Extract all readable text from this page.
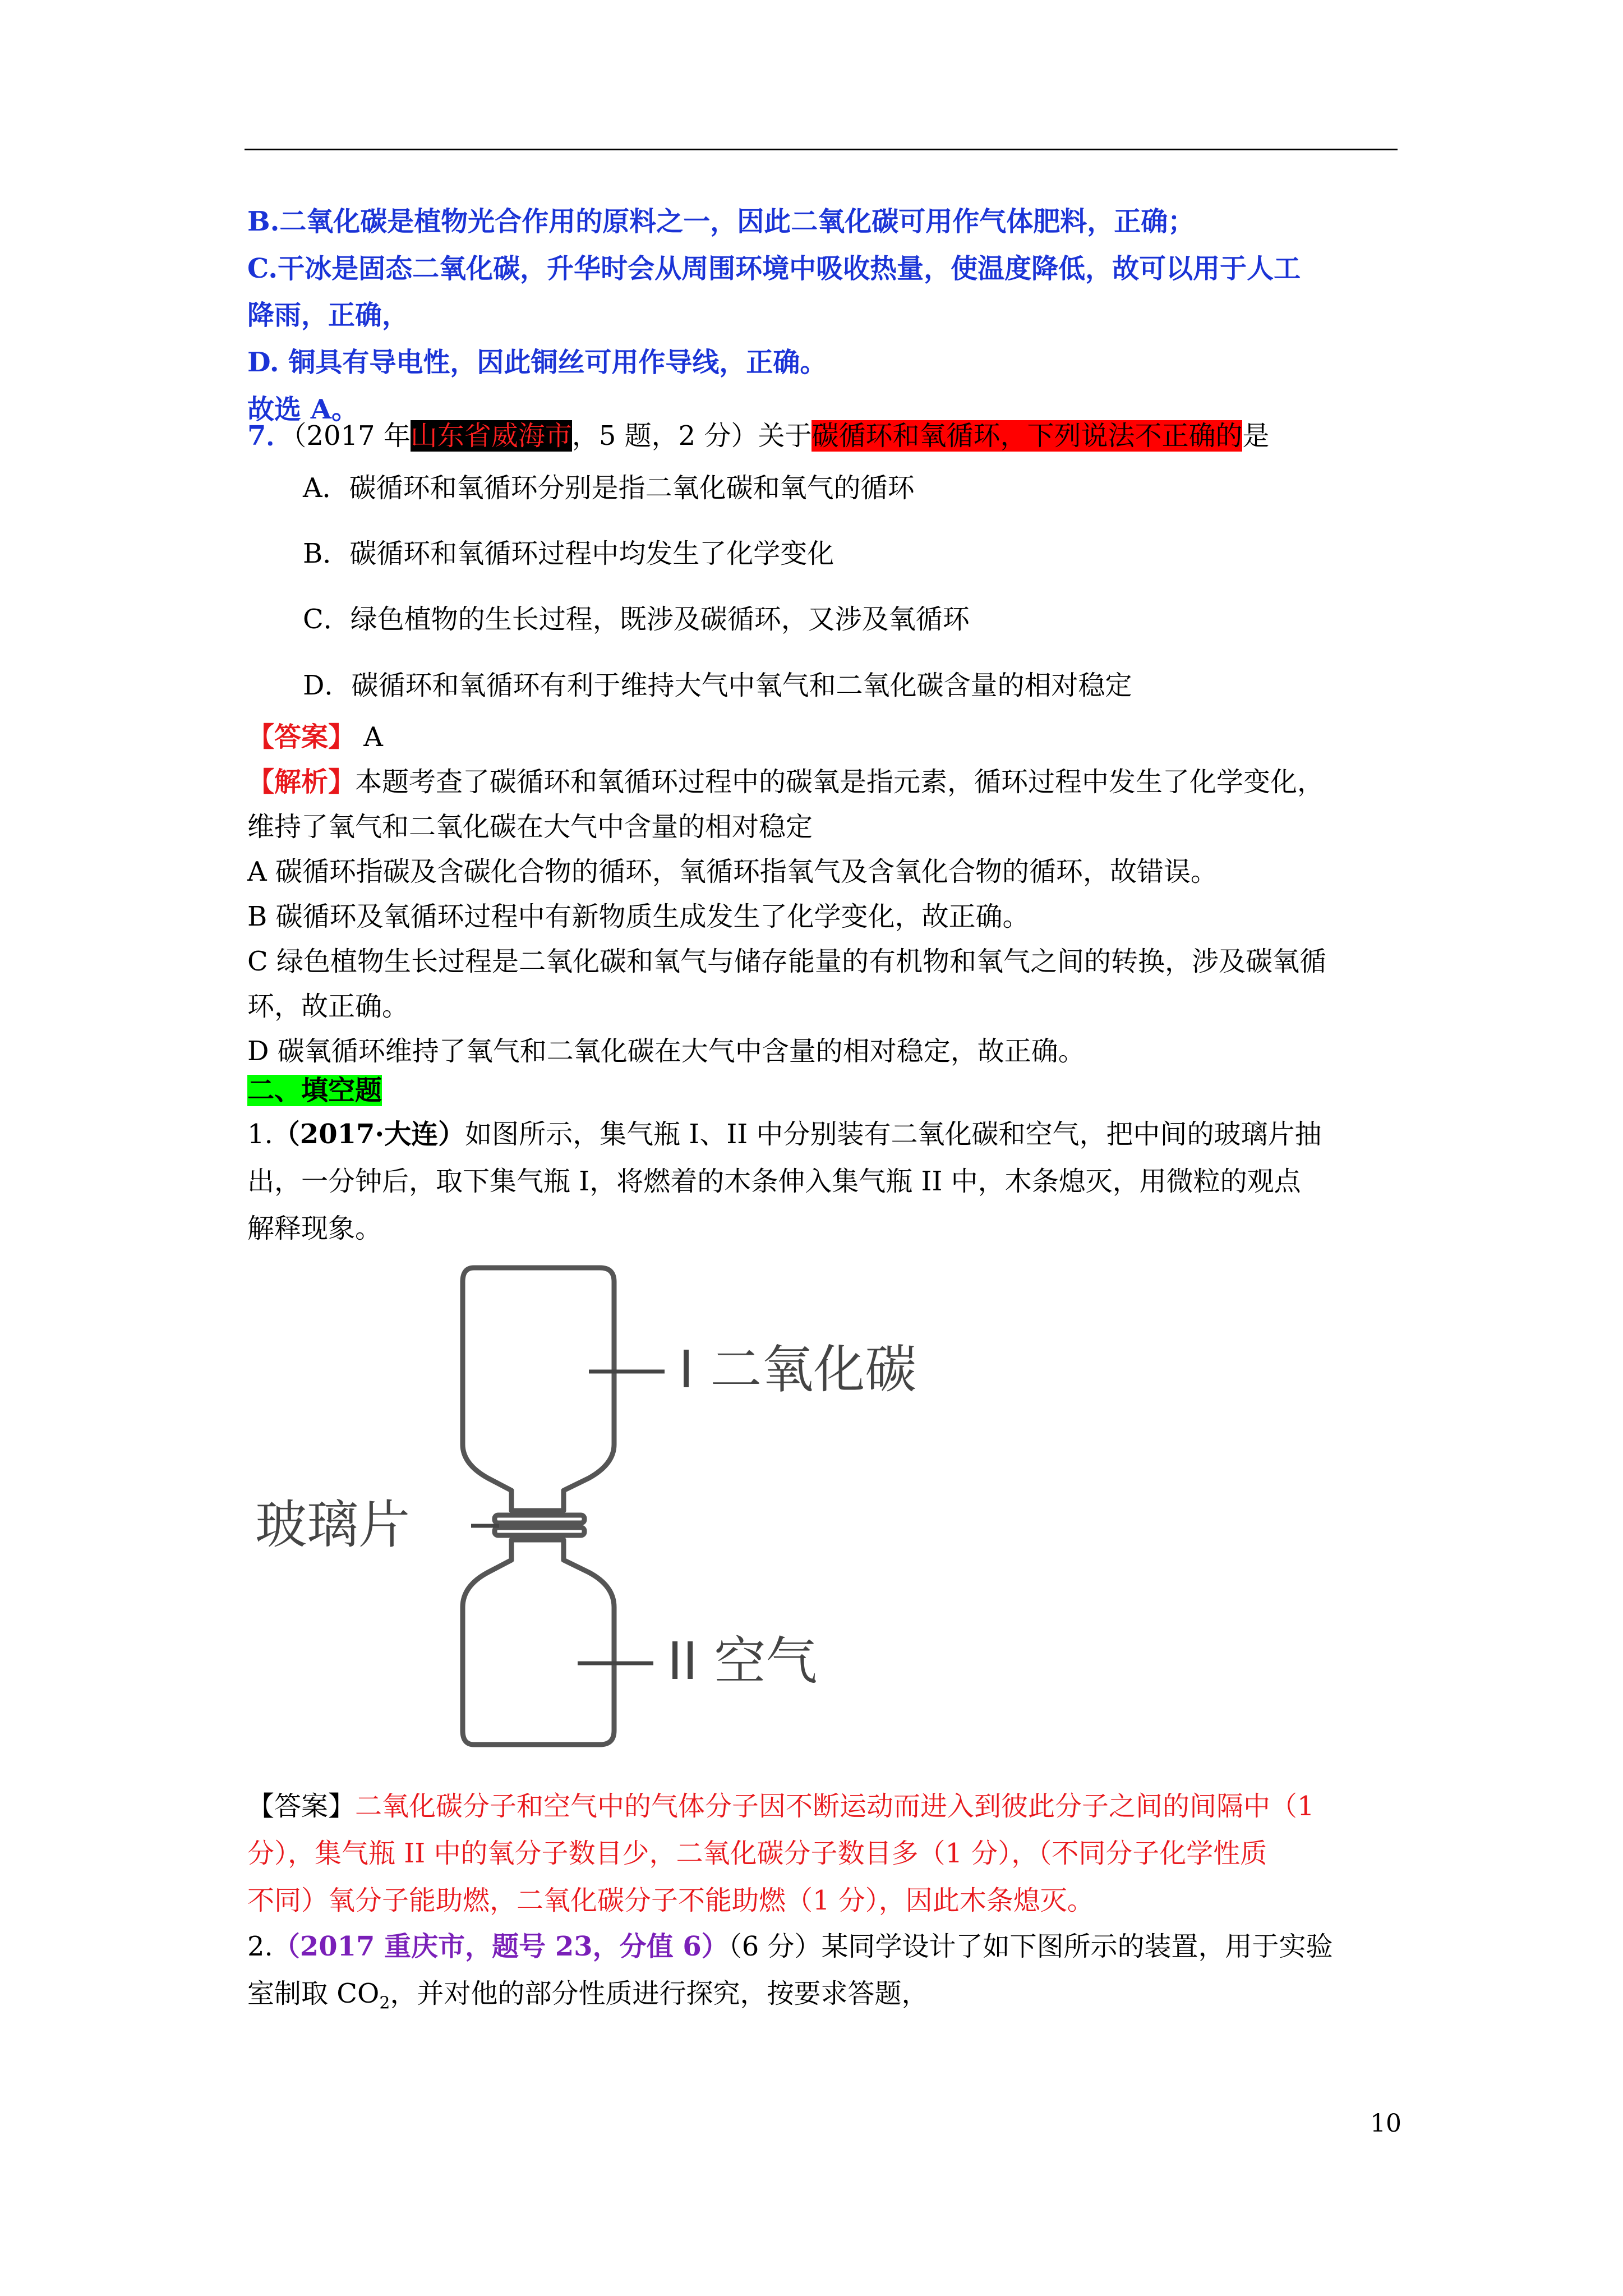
B.二氧化碳是植物光合作用的原料之一，因此二氧化碳可用作气体肥料，正确；
C.干冰是固态二氧化碳，升华时会从周围环境中吸收热量，使温度降低，故可以用于人工
降雨，正确，
D. 铜具有导电性，因此铜丝可用作导线，正确。
故选 A。
7．（2017 年山东省威海市，5 题，2 分）关于碳循环和氧循环，下列说法不正确的是
A．碳循环和氧循环分别是指二氧化碳和氧气的循环
B．碳循环和氧循环过程中均发生了化学变化
C．绿色植物的生长过程，既涉及碳循环，又涉及氧循环
D．碳循环和氧循环有利于维持大气中氧气和二氧化碳含量的相对稳定
【答案】 A
【解析】本题考查了碳循环和氧循环过程中的碳氧是指元素，循环过程中发生了化学变化，
维持了氧气和二氧化碳在大气中含量的相对稳定
A 碳循环指碳及含碳化合物的循环，氧循环指氧气及含氧化合物的循环，故错误。
B 碳循环及氧循环过程中有新物质生成发生了化学变化，故正确。
C 绿色植物生长过程是二氧化碳和氧气与储存能量的有机物和氧气之间的转换，涉及碳氧循
环，故正确。
D 碳氧循环维持了氧气和二氧化碳在大气中含量的相对稳定，故正确。
二、填空题
1.（2017·大连）如图所示，集气瓶 I、II 中分别装有二氧化碳和空气，把中间的玻璃片抽
出，一分钟后，取下集气瓶 I，将燃着的木条伸入集气瓶 II 中，木条熄灭，用微粒的观点
解释现象。
I 二氧化碳
玻璃片
II 空气
【答案】二氧化碳分子和空气中的气体分子因不断运动而进入到彼此分子之间的间隔中（1
分），集气瓶 II 中的氧分子数目少，二氧化碳分子数目多（1 分），（不同分子化学性质
不同）氧分子能助燃，二氧化碳分子不能助燃（1 分），因此木条熄灭。
2.（2017 重庆市，题号 23，分值 6）（6 分）某同学设计了如下图所示的装置，用于实验
室制取 $CO_2$，并对他的部分性质进行探究，按要求答题，
10
